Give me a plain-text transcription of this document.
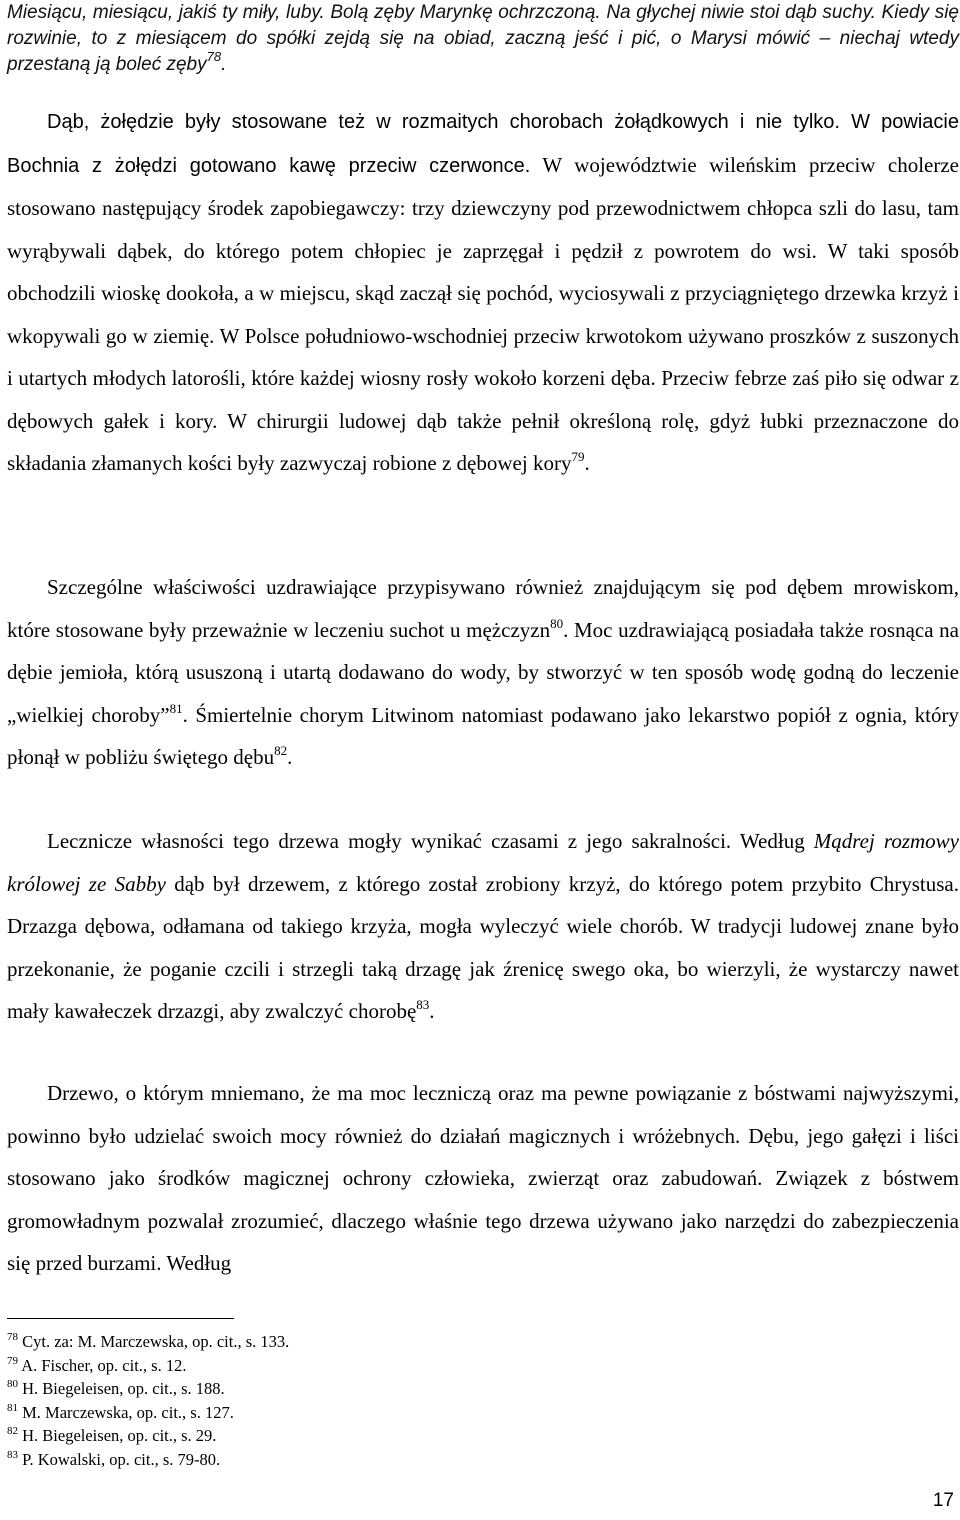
Miesiącu, miesiącu, jakiś ty miły, luby. Bolą zęby Marynkę ochrzczoną. Na głychej niwie stoi dąb suchy. Kiedy się rozwinie, to z miesiącem do spółki zejdą się na obiad, zaczną jeść i pić, o Marysi mówić – niechaj wtedy przestaną ją boleć zęby$^{78}$.

Dąb, żołędzie były stosowane też w rozmaitych chorobach żołądkowych i nie tylko. W powiacie Bochnia z żołędzi gotowano kawę przeciw czerwonce. W województwie wileńskim przeciw cholerze stosowano następujący środek zapobiegawczy: trzy dziewczyny pod przewodnictwem chłopca szli do lasu, tam wyrąbywali dąbek, do którego potem chłopiec je zaprzęgał i pędził z powrotem do wsi. W taki sposób obchodzili wioskę dookoła, a w miejscu, skąd zaczął się pochód, wyciosywali z przyciągniętego drzewka krzyż i wkopywali go w ziemię. W Polsce południowo-wschodniej przeciw krwotokom używano proszków z suszonych i utartych młodych latorośli, które każdej wiosny rosły wokoło korzeni dęba. Przeciw febrze zaś piło się odwar z dębowych gałek i kory. W chirurgii ludowej dąb także pełnił określoną rolę, gdyż łubki przeznaczone do składania złamanych kości były zazwyczaj robione z dębowej kory$^{79}$.

Szczególne właściwości uzdrawiające przypisywano również znajdującym się pod dębem mrowiskom, które stosowane były przeważnie w leczeniu suchot u mężczyzn$^{80}$. Moc uzdrawiającą posiadała także rosnąca na dębie jemioła, którą ususzoną i utartą dodawano do wody, by stworzyć w ten sposób wodę godną do leczenie „wielkiej choroby”$^{81}$. Śmiertelnie chorym Litwinom natomiast podawano jako lekarstwo popiół z ognia, który płonął w pobliżu świętego dębu$^{82}$.

Lecznicze własności tego drzewa mogły wynikać czasami z jego sakralności. Według Mądrej rozmowy królowej ze Sabby dąb był drzewem, z którego został zrobiony krzyż, do którego potem przybito Chrystusa. Drzazga dębowa, odłamana od takiego krzyża, mogła wyleczyć wiele chorób. W tradycji ludowej znane było przekonanie, że poganie czcili i strzegli taką drzagę jak źrenicę swego oka, bo wierzyli, że wystarczy nawet mały kawałeczek drzazgi, aby zwalczyć chorobę$^{83}$.

Drzewo, o którym mniemano, że ma moc leczniczą oraz ma pewne powiązanie z bóstwami najwyższymi, powinno było udzielać swoich mocy również do działań magicznych i wróżebnych. Dębu, jego gałęzi i liści stosowano jako środków magicznej ochrony człowieka, zwierząt oraz zabudowań. Związek z bóstwem gromowładnym pozwalał zrozumieć, dlaczego właśnie tego drzewa używano jako narzędzi do zabezpieczenia się przed burzami. Według

$^{78}$ Cyt. za: M. Marczewska, op. cit., s. 133.
$^{79}$ A. Fischer, op. cit., s. 12.
$^{80}$ H. Biegeleisen, op. cit., s. 188.
$^{81}$ M. Marczewska, op. cit., s. 127.
$^{82}$ H. Biegeleisen, op. cit., s. 29.
$^{83}$ P. Kowalski, op. cit., s. 79-80.
17
